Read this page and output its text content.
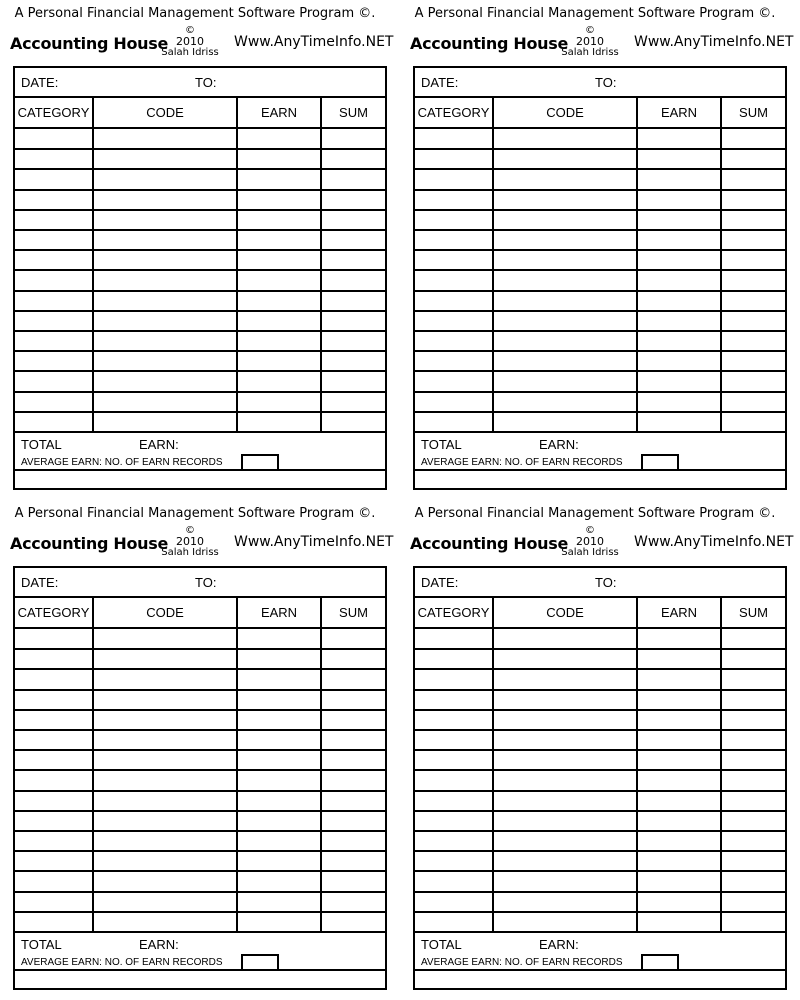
A Personal Financial Management Software Program ©.
Accounting House
©
2010
Salah Idriss
Www.AnyTimeInfo.NET
DATE:	TO:
CATEGORY	CODE	EARN	SUM
TOTAL	EARN:
AVERAGE EARN: NO. OF EARN RECORDS
A Personal Financial Management Software Program ©.
Accounting House
©
2010
Salah Idriss
Www.AnyTimeInfo.NET
DATE:	TO:
CATEGORY	CODE	EARN	SUM
TOTAL	EARN:
AVERAGE EARN: NO. OF EARN RECORDS
A Personal Financial Management Software Program ©.
Accounting House
©
2010
Salah Idriss
Www.AnyTimeInfo.NET
DATE:	TO:
CATEGORY	CODE	EARN	SUM
TOTAL	EARN:
AVERAGE EARN: NO. OF EARN RECORDS
A Personal Financial Management Software Program ©.
Accounting House
©
2010
Salah Idriss
Www.AnyTimeInfo.NET
DATE:	TO:
CATEGORY	CODE	EARN	SUM
TOTAL	EARN:
AVERAGE EARN: NO. OF EARN RECORDS
